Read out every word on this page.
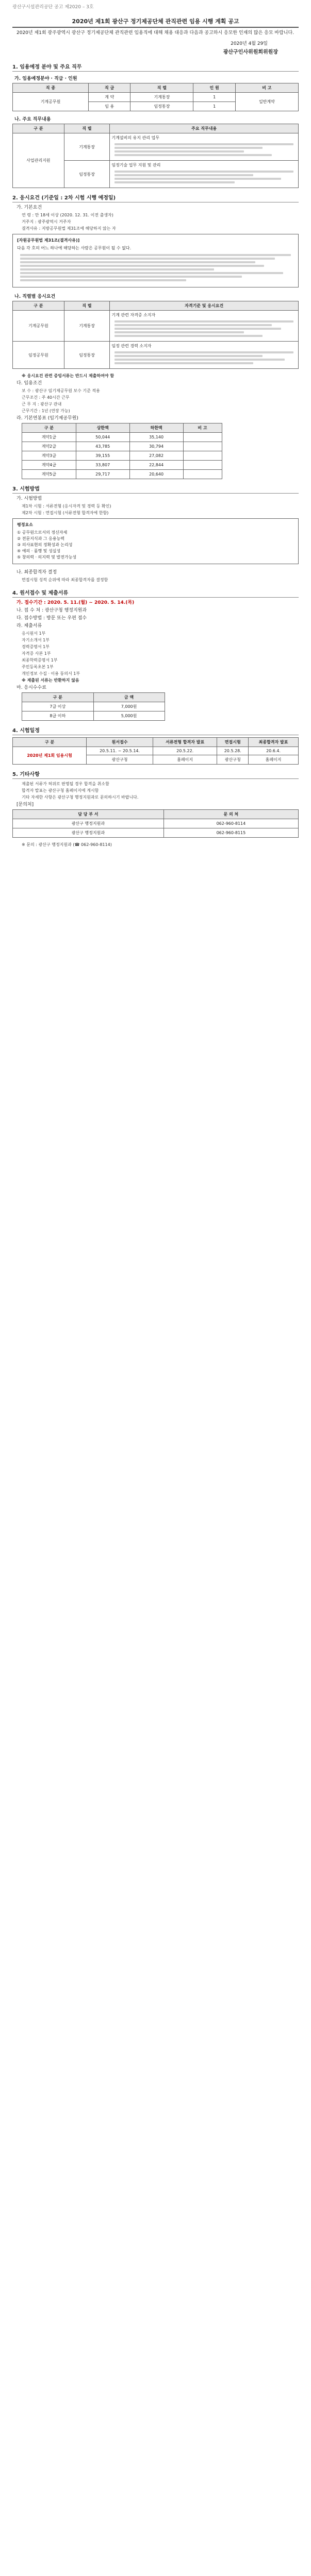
광산구시설관리공단 공고 제2020 – 3호
2020년 제1회 광산구 정기제공단체 관직관련 임용 시행 계획 공고
2020년 제1회 광주광역시 광산구 정기제공단체 관직관련 임용직에 대해 채용 대응과 다음과 공고하시 응모한 인재의 많은 응모 바랍니다.
2020년 4월 29일
광산구인사위원회위원장
1. 임용예정 분야 및 주요 직무
가. 임용예정분야 · 직급 · 인원
직 종	직 급	직 렬	인 원	비 고
기계공무원	계 약	기계통장	1	일반계약
	임 용	임정통장	1	
나. 주요 직무내용
구 분	직 렬	주요 직무내용
사업관리지원	기계통장	기계설비의 유지 관리 업무

	임정통장	임정기술 업무 지원 및 관리
2. 응시요건 (기준일 : 2차 시험 시행 예정일)

가. 기본요건

연 령 : 만 18세 이상 (2020. 12. 31. 이전 출생자)

거주지 : 광주광역시 거주자

결격사유 : 지방공무원법 제31조에 해당하지 않는 자

[자원공무원법 제31조(결격사유)]
다음 각 호의 어느 하나에 해당하는 사람은 공무원이 될 수 없다.
나. 직렬별 응시요건
구 분	직 렬	자격기준 및 응시요건
기계공무원	기계통장	기계 관련 자격증 소지자

임정공무원	임정통장	임정 관련 경력 소지자

※ 응시요건 관련 증빙서류는 반드시 제출하여야 함

다. 임용조건

보 수 : 광산구 임기제공무원 보수 기준 적용

근무조건 : 주 40시간 근무

근 무 지 : 광산구 관내

근무기간 : 1년 (연장 가능)

라. 기본연봉표 (임기제공무원)

구 분	상한액	하한액	비 고
계약1급	50,044	35,140	
계약2급	43,785	30,794	
계약3급	39,155	27,082	
계약4급	33,807	22,844	
계약5급	29,717	20,640	
3. 시험방법

가. 시험방법

제1차 시험 : 서류전형 (응시자격 및 경력 등 확인)

제2차 시험 : 면접시험 (서류전형 합격자에 한함)

평정요소
① 공무원으로서의 정신자세
② 전문지식과 그 응용능력
③ 의사표현의 정확성과 논리성
④ 예의 · 품행 및 성실성
⑤ 창의력 · 의지력 및 발전가능성

나. 최종합격자 결정

면접시험 성적 순위에 따라 최종합격자를 결정함

4. 원서접수 및 제출서류

가. 접수기간 : 2020. 5. 11.(월) ~ 2020. 5. 14.(목)

나. 접 수 처 : 광산구청 행정지원과

다. 접수방법 : 방문 또는 우편 접수

라. 제출서류

응시원서 1부

자기소개서 1부

경력증명서 1부

자격증 사본 1부

최종학력증명서 1부

주민등록초본 1부

개인정보 수집 · 이용 동의서 1부

※ 제출된 서류는 반환하지 않음

마. 응시수수료

구 분	금 액
7급 이상	7,000원
8급 이하	5,000원
4. 시험일정
구 분	원서접수	서류전형 합격자 발표	면접시험	최종합격자 발표
2020년 제1회 임용시험	20.5.11. ~ 20.5.14.	20.5.22.	20.5.28.	20.6.4.
	광산구청	홈페이지	광산구청	홈페이지
5. 기타사항

제출된 서류가 허위로 판명될 경우 합격을 취소함

합격자 발표는 광산구청 홈페이지에 게시함

기타 자세한 사항은 광산구청 행정지원과로 문의하시기 바랍니다.

[문의처]

담 당 부 서	문 의 처
광산구 행정지원과	062-960-8114
광산구 행정지원과	062-960-8115

※ 문의 : 광산구 행정지원과 (☎ 062-960-8114)
